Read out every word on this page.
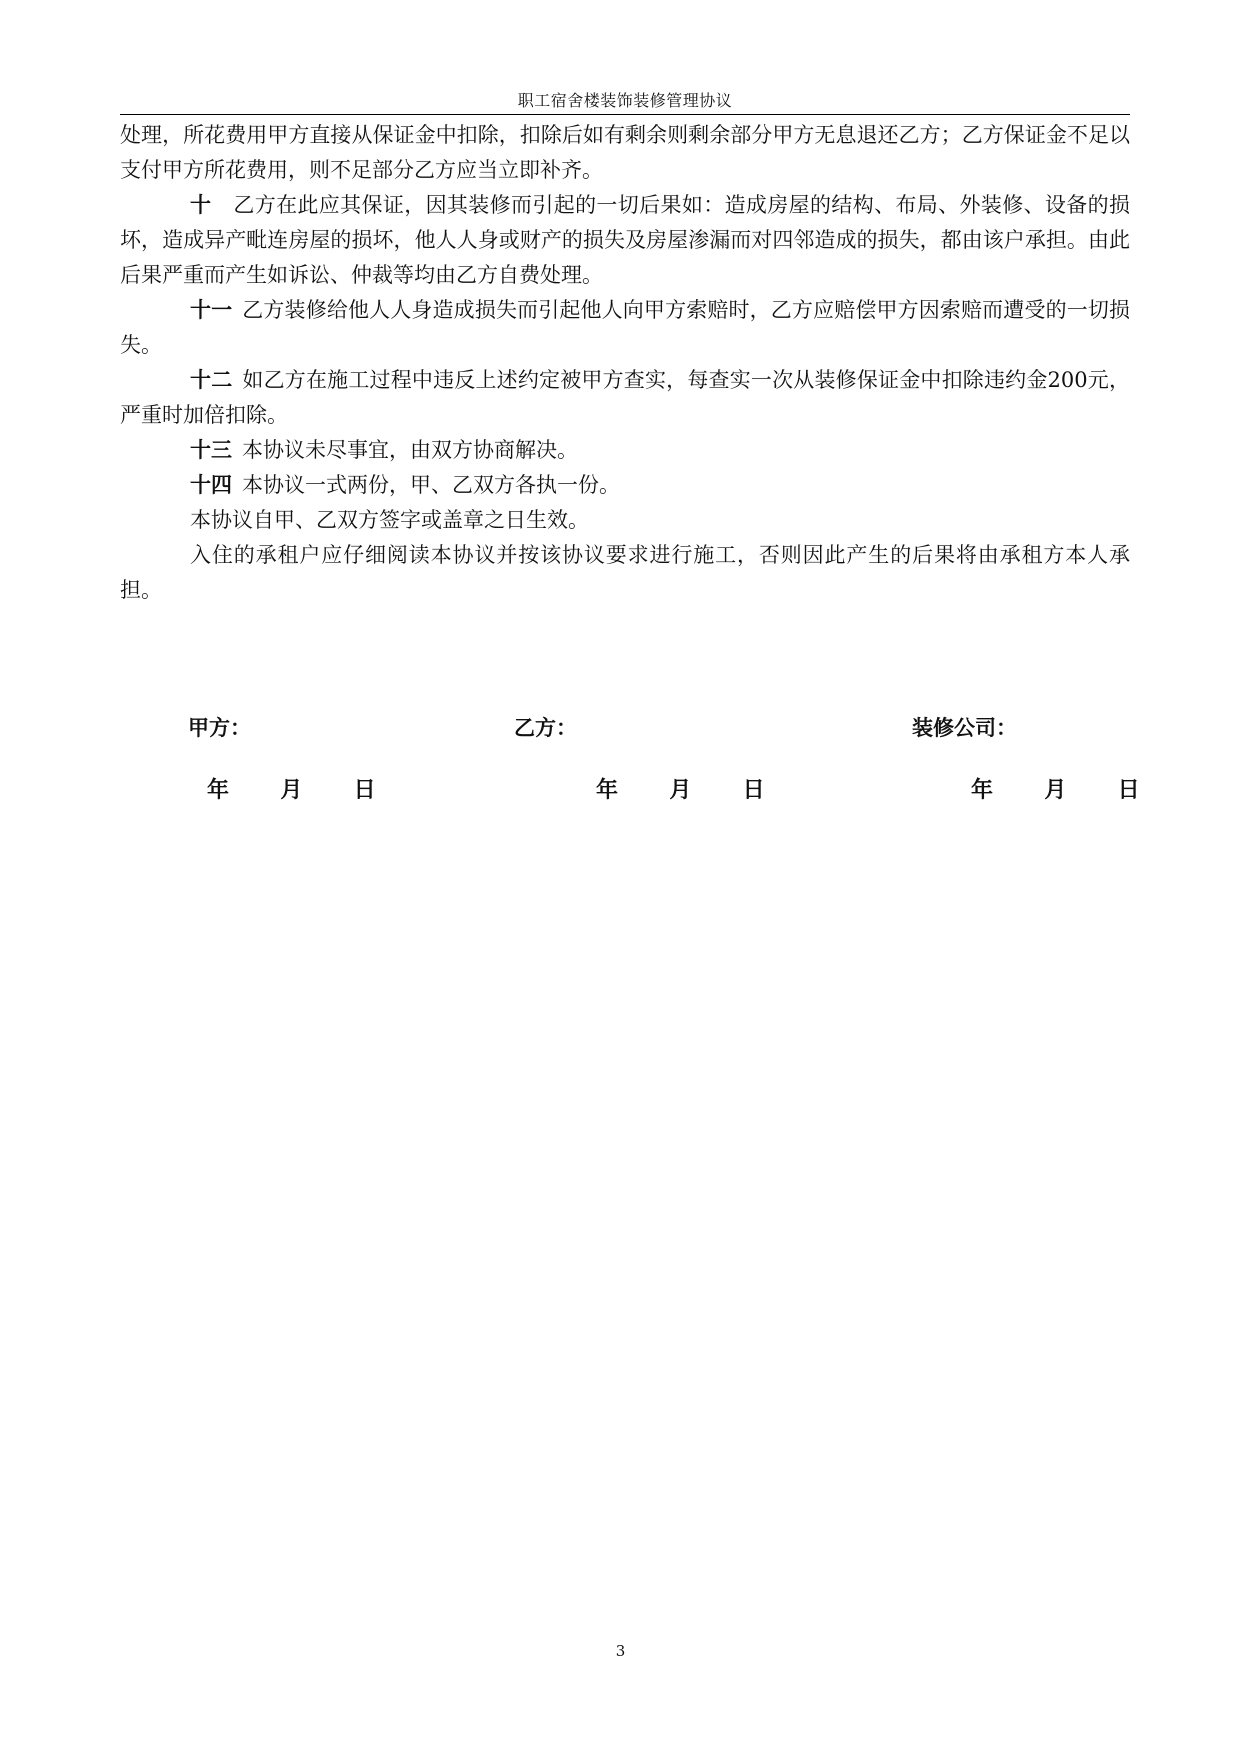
职工宿舍楼装饰装修管理协议

处理，所花费用甲方直接从保证金中扣除，扣除后如有剩余则剩余部分甲方无息退还乙方；乙方保证金不足以支付甲方所花费用，则不足部分乙方应当立即补齐。

十 乙方在此应其保证，因其装修而引起的一切后果如：造成房屋的结构、布局、外装修、设备的损坏，造成异产毗连房屋的损坏，他人人身或财产的损失及房屋渗漏而对四邻造成的损失，都由该户承担。由此后果严重而产生如诉讼、仲裁等均由乙方自费处理。

十一 乙方装修给他人人身造成损失而引起他人向甲方索赔时，乙方应赔偿甲方因索赔而遭受的一切损失。

十二 如乙方在施工过程中违反上述约定被甲方查实，每查实一次从装修保证金中扣除违约金200元，严重时加倍扣除。

十三 本协议未尽事宜，由双方协商解决。

十四 本协议一式两份，甲、乙双方各执一份。

本协议自甲、乙双方签字或盖章之日生效。

入住的承租户应仔细阅读本协议并按该协议要求进行施工，否则因此产生的后果将由承租方本人承担。

甲方：	乙方：	装修公司：
年  月  日	年  月  日	年  月  日
3
